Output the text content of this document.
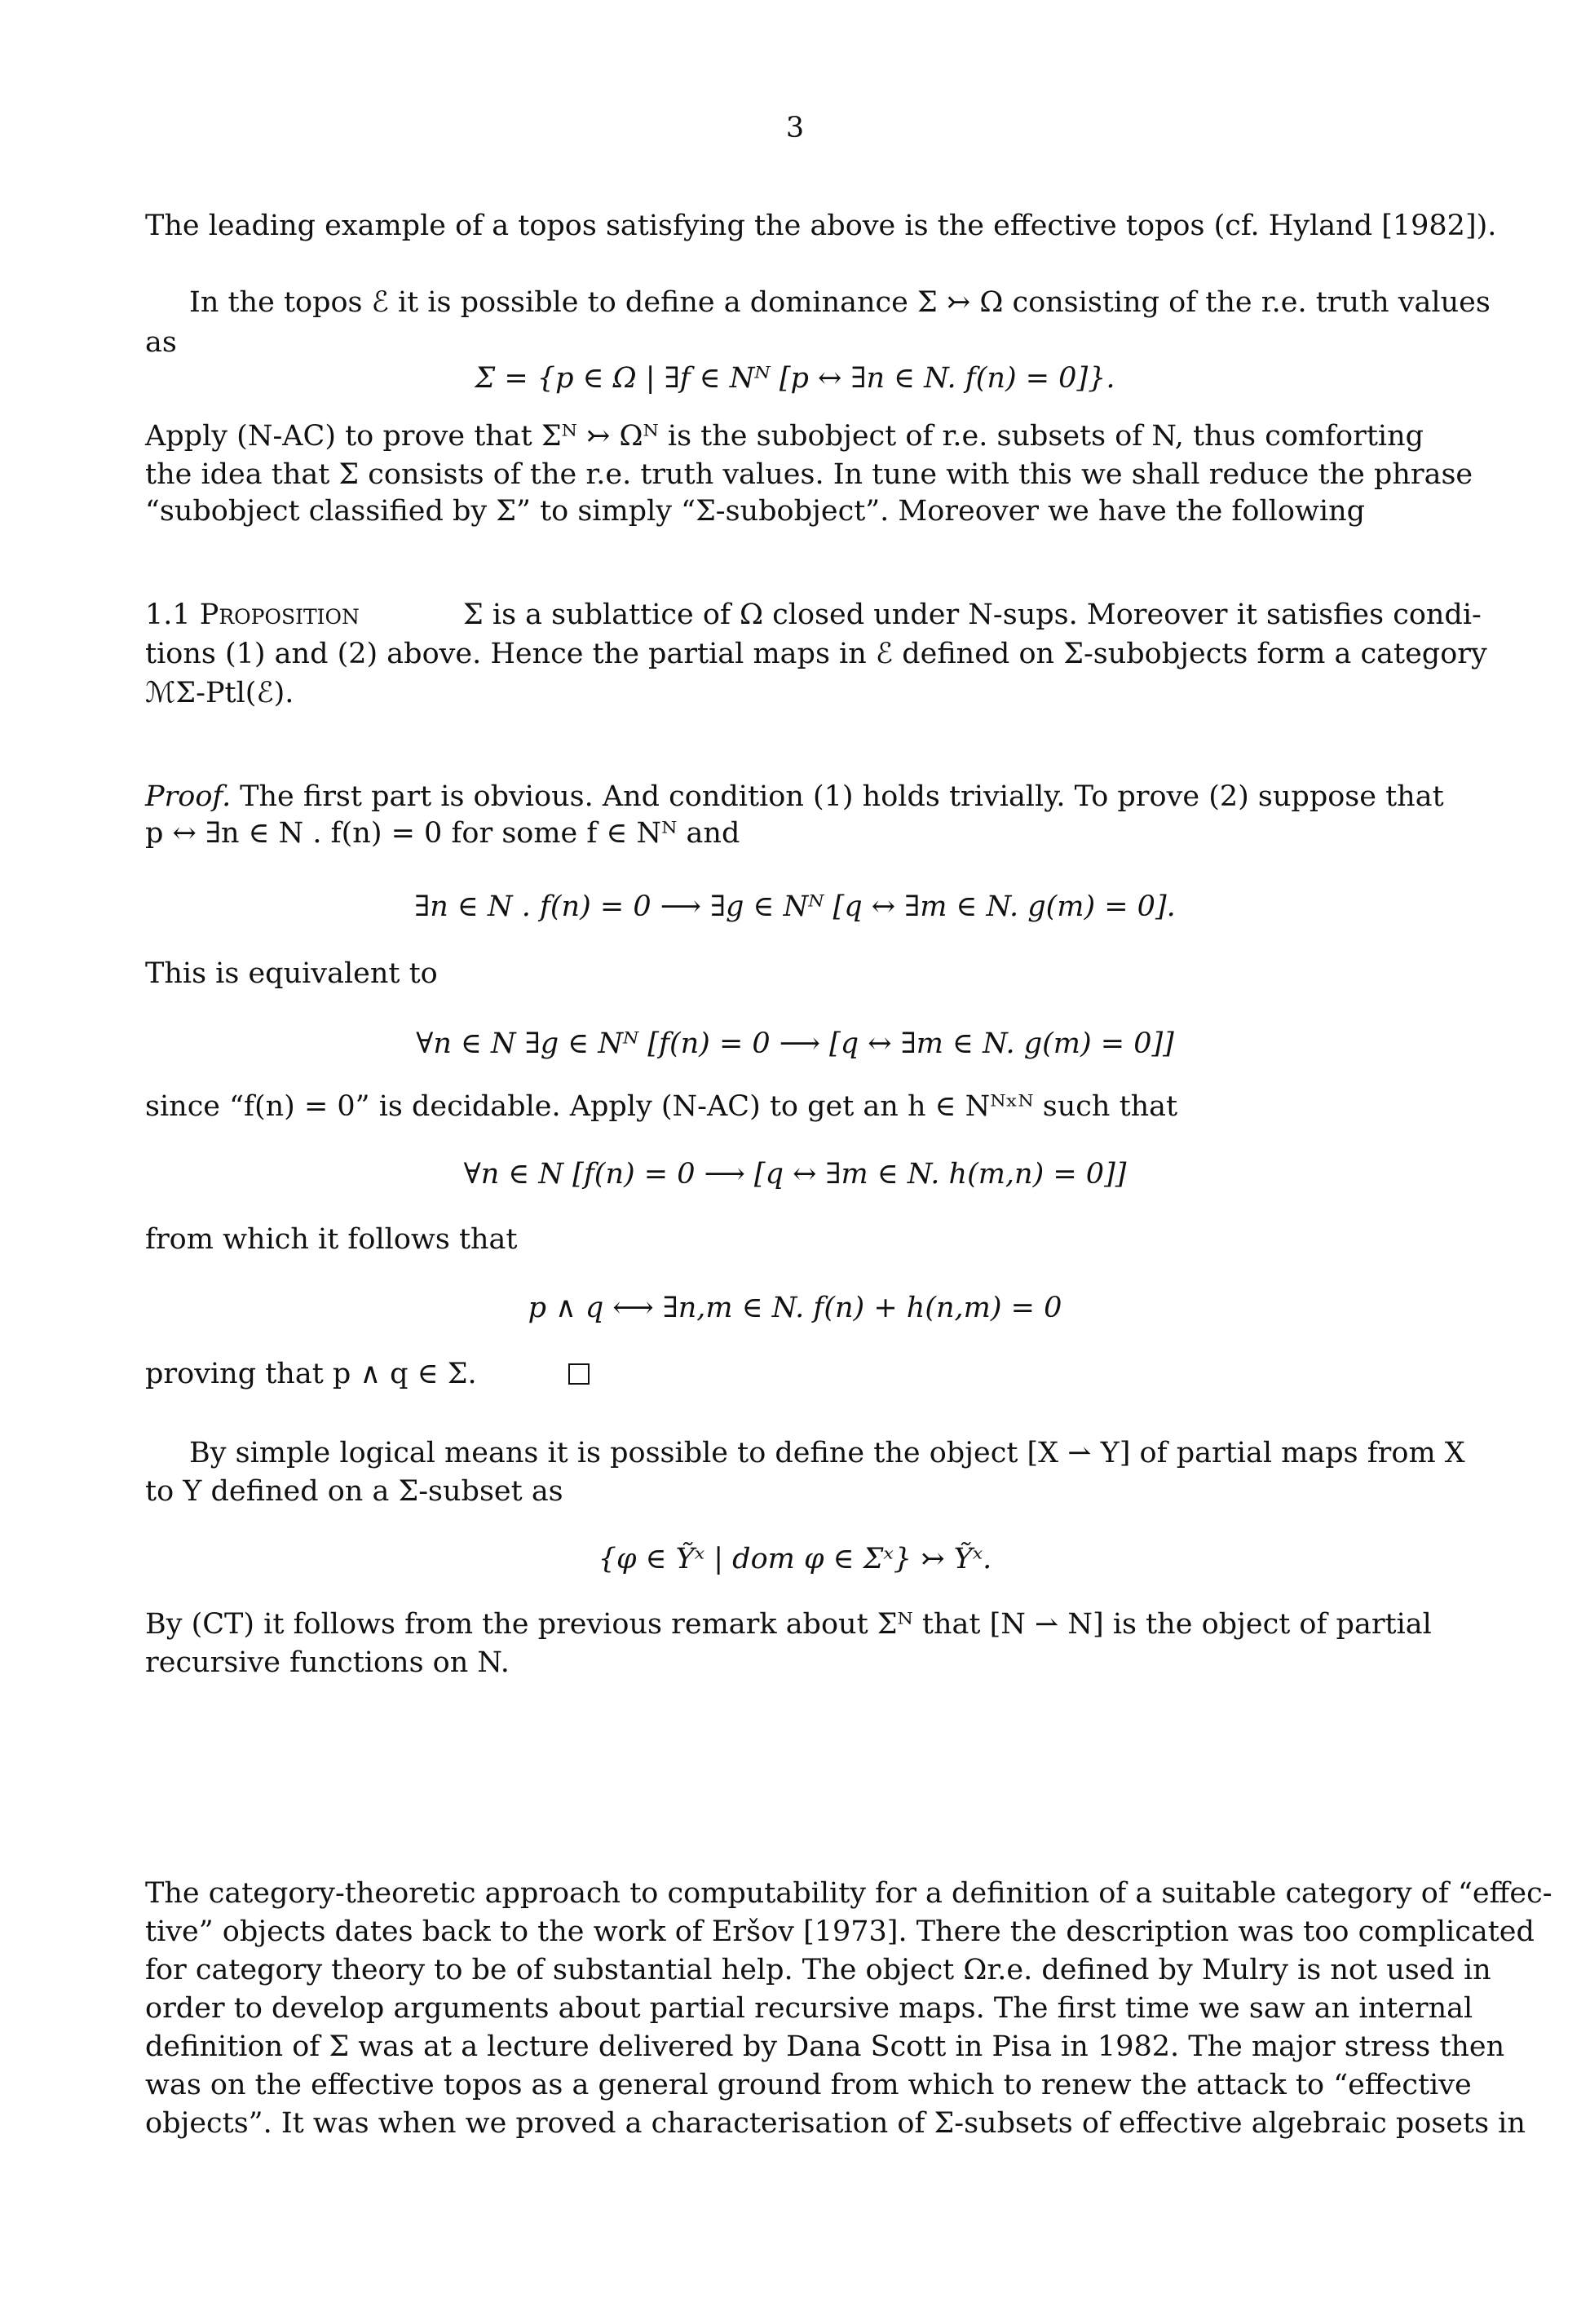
3
The leading example of a topos satisfying the above is the effective topos (cf. Hyland [1982]).
In the topos ℰ it is possible to define a dominance Σ ↣ Ω consisting of the r.e. truth values
as
Σ = {p ∈ Ω | ∃f ∈ Nᴺ [p ↔ ∃n ∈ N. f(n) = 0]}.
Apply (N-AC) to prove that Σᴺ ↣ Ωᴺ is the subobject of r.e. subsets of N, thus comforting
the idea that Σ consists of the r.e. truth values. In tune with this we shall reduce the phrase
“subobject classified by Σ” to simply “Σ-subobject”. Moreover we have the following
1.1 Proposition	Σ is a sublattice of Ω closed under N-sups. Moreover it satisfies condi-
tions (1) and (2) above. Hence the partial maps in ℰ defined on Σ-subobjects form a category
ℳΣ-Ptl(ℰ).
Proof. The first part is obvious. And condition (1) holds trivially. To prove (2) suppose that
p ↔ ∃n ∈ N . f(n) = 0 for some f ∈ Nᴺ and
∃n ∈ N . f(n) = 0 ⟶ ∃g ∈ Nᴺ [q ↔ ∃m ∈ N. g(m) = 0].
This is equivalent to
∀n ∈ N ∃g ∈ Nᴺ [f(n) = 0 ⟶ [q ↔ ∃m ∈ N. g(m) = 0]]
since “f(n) = 0” is decidable. Apply (N-AC) to get an h ∈ Nᴺˣᴺ such that
∀n ∈ N [f(n) = 0 ⟶ [q ↔ ∃m ∈ N. h(m,n) = 0]]
from which it follows that
p ∧ q ⟷ ∃n,m ∈ N. f(n) + h(n,m) = 0
proving that p ∧ q ∈ Σ.
By simple logical means it is possible to define the object [X ⇀ Y] of partial maps from X
to Y defined on a Σ-subset as
{φ ∈ Ỹˣ | dom φ ∈ Σˣ} ↣ Ỹˣ.
By (CT) it follows from the previous remark about Σᴺ that [N ⇀ N] is the object of partial
recursive functions on N.
The category-theoretic approach to computability for a definition of a suitable category of “effec-
tive” objects dates back to the work of Eršov [1973]. There the description was too complicated
for category theory to be of substantial help. The object Ωr.e. defined by Mulry is not used in
order to develop arguments about partial recursive maps. The first time we saw an internal
definition of Σ was at a lecture delivered by Dana Scott in Pisa in 1982. The major stress then
was on the effective topos as a general ground from which to renew the attack to “effective
objects”. It was when we proved a characterisation of Σ-subsets of effective algebraic posets in
